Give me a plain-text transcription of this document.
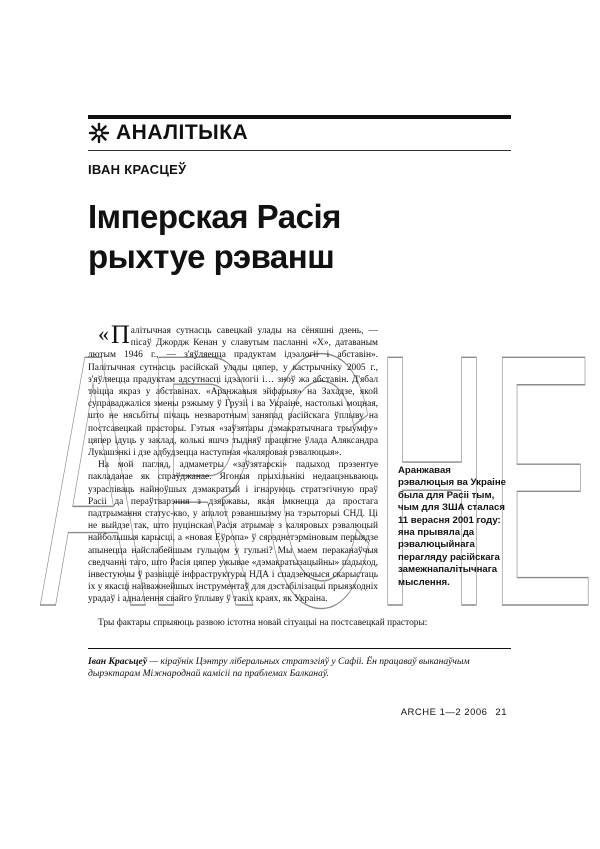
АНАЛІТЫКА
ІВАН КРАСЦЕЎ
Імперская Расія рыхтуе рэванш
ARCHE

« П алітычная сутнасць савецкай улады на сёняшні дзень, — пісаў Джордж Кенан у славутым пасланні «X», датаваным лютым 1946 г., — з'яўляецца прадуктам ідэалогіі і абставін». Палітычная сутнасць расійскай улады цяпер, у кастрычніку 2005 г., з'яўляецца прадуктам адсутнасці ідэалогіі і… зноў жа абставін. Д'ябал тоіцца якраз у абставінах. «Аранжавыя эйфарыя» на Захадзе, якой суправаджаліся змены рэжыму ў Грузіі і ва Украіне, настолькі моцная, што не нясьбіты пічаць незваротным заняпад расійскага ўплыву на постсавецкай прасторы. Гэтыя «заўзятары дэмакратычнага трыумфу» цяпер ідуць у заклад, колькі яшчэ тыдняў працягне ўлада Аляксандра Лукашэнкі і дзе адбудзецца наступная «каляровая рэвалюцыя».

На мой пагляд, адмаметры «заўзятарскі» падыход прэзентуе пакладанае як спраўджанае. Ягоныя прыхільнікі недаацэньваюць узрасліваць найноўшых дэмакратый і ігнаруюць стратэгічную праў Расіі да пераўтварэння з дзяржавы, якая імкнецца да простага падтрымання статус-кво, у апалот рэваншызму на тэрыторыі СНД. Ці не выйдзе так, што пуцінская Расія атрымае з каляровых рэвалюцый найбольшыя карысці, а «новая Еўропа» ў сярэднетэрміновым перыядзе апынецца найслабейшым гульцом у гульні? Мы маем пераканаўчыя сведчанні таго, што Расія цяпер ужывае «дэмакратызацыйны» падыход, інвестуючы ў развіццё інфраструктуры НДА і спадзеючыся скарыстаць іх у якасці найважнейшых інструментаў для дэстабілізацыі прыязходніх урадаў і адналення свайго ўплыву ў такіх краях, як Украіна.

Аранжавая рэвалюцыя ва Украіне была для Расіі тым, чым для ЗША сталася 11 верасня 2001 году: яна прывяла да рэвалюцыйнага перагляду расійскага замежнапалітычнага мыслення.

Тры фактары спрыяюць развою істотна новай сітуацыі на постсавецкай прасторы:

Іван Красьцеў — кіраўнік Цэнтру ліберальных стратэгіяў у Сафіі. Ён працаваў выканаўчым дырэктарам Міжнароднай камісіі па праблемах Балканаў.

ARCHE 1—2 2006 21
